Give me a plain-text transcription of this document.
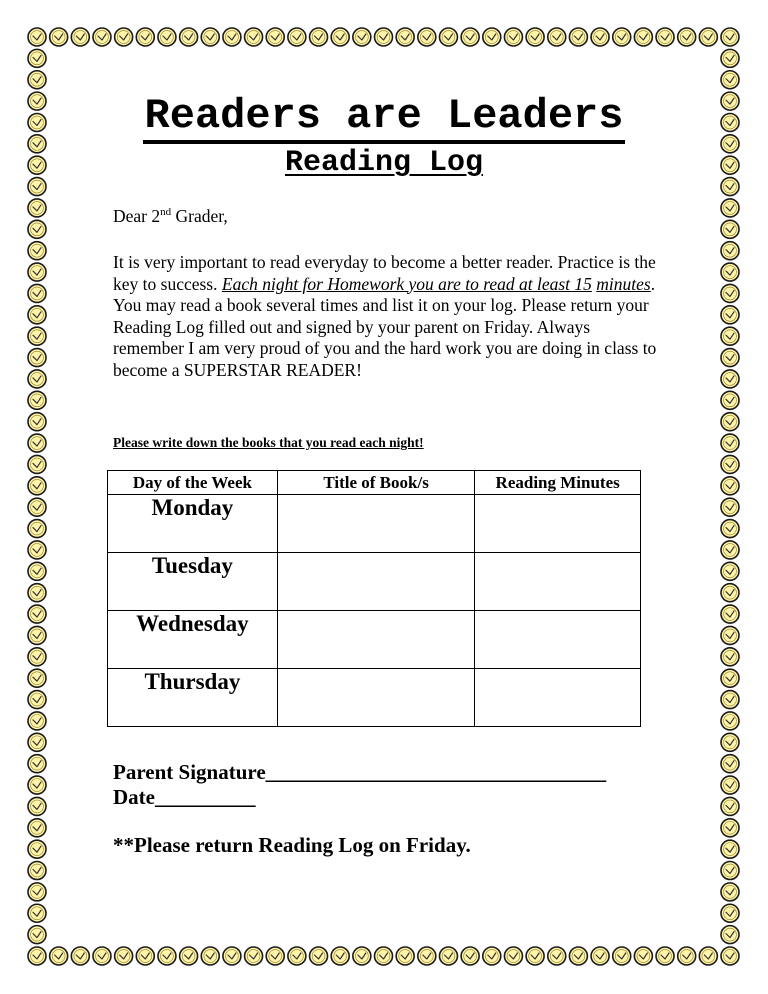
Readers are Leaders
Reading Log
Dear 2nd Grader,
It is very important to read everyday to become a better reader. Practice is the key to success. Each night for Homework you are to read at least 15 minutes. You may read a book several times and list it on your log. Please return your Reading Log filled out and signed by your parent on Friday. Always remember I am very proud of you and the hard work you are doing in class to become a SUPERSTAR READER!
Please write down the books that you read each night!
Day of the Week	Title of Book/s	Reading Minutes
Monday		
Tuesday		
Wednesday		
Thursday		
Parent Signature__________________________________
Date__________
**Please return Reading Log on Friday.
